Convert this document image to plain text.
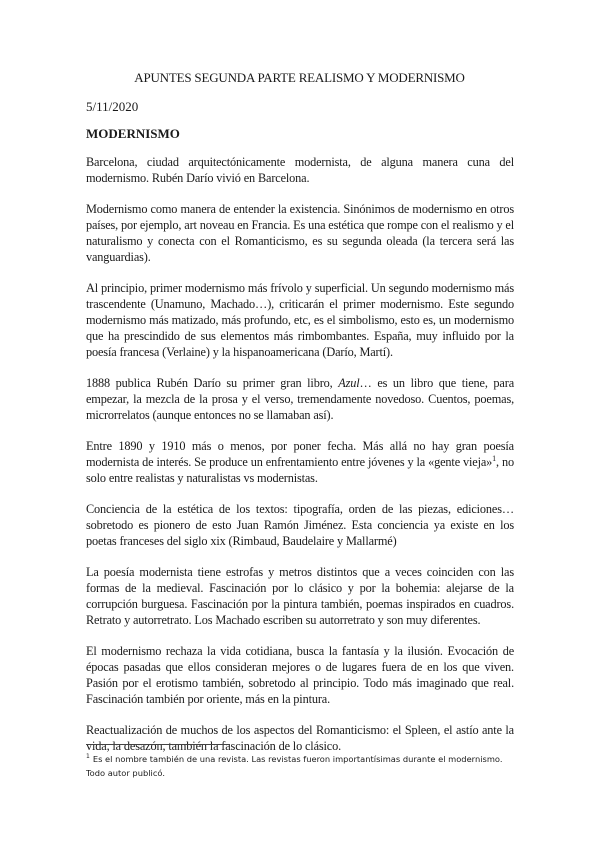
APUNTES SEGUNDA PARTE REALISMO Y MODERNISMO
5/11/2020
MODERNISMO

Barcelona, ciudad arquitectónicamente modernista, de alguna manera cuna del modernismo. Rubén Darío vivió en Barcelona.

Modernismo como manera de entender la existencia. Sinónimos de modernismo en otros países, por ejemplo, art noveau en Francia. Es una estética que rompe con el realismo y el naturalismo y conecta con el Romanticismo, es su segunda oleada (la tercera será las vanguardias).

Al principio, primer modernismo más frívolo y superficial. Un segundo modernismo más trascendente (Unamuno, Machado…), criticarán el primer modernismo. Este segundo modernismo más matizado, más profundo, etc, es el simbolismo, esto es, un modernismo que ha prescindido de sus elementos más rimbombantes. España, muy influido por la poesía francesa (Verlaine) y la hispanoamericana (Darío, Martí).

1888 publica Rubén Darío su primer gran libro, Azul… es un libro que tiene, para empezar, la mezcla de la prosa y el verso, tremendamente novedoso. Cuentos, poemas, microrrelatos (aunque entonces no se llamaban así).

Entre 1890 y 1910 más o menos, por poner fecha. Más allá no hay gran poesía modernista de interés. Se produce un enfrentamiento entre jóvenes y la «gente vieja»$^1$, no solo entre realistas y naturalistas vs modernistas.

Conciencia de la estética de los textos: tipografía, orden de las piezas, ediciones… sobretodo es pionero de esto Juan Ramón Jiménez. Esta conciencia ya existe en los poetas franceses del siglo xix (Rimbaud, Baudelaire y Mallarmé)

La poesía modernista tiene estrofas y metros distintos que a veces coinciden con las formas de la medieval. Fascinación por lo clásico y por la bohemia: alejarse de la corrupción burguesa. Fascinación por la pintura también, poemas inspirados en cuadros. Retrato y autorretrato. Los Machado escriben su autorretrato y son muy diferentes.

El modernismo rechaza la vida cotidiana, busca la fantasía y la ilusión. Evocación de épocas pasadas que ellos consideran mejores o de lugares fuera de en los que viven. Pasión por el erotismo también, sobretodo al principio. Todo más imaginado que real. Fascinación también por oriente, más en la pintura.

Reactualización de muchos de los aspectos del Romanticismo: el Spleen, el astío ante la vida, la desazón, también la fascinación de lo clásico.

$^1$ Es el nombre también de una revista. Las revistas fueron importantísimas durante el modernismo. Todo autor publicó.
